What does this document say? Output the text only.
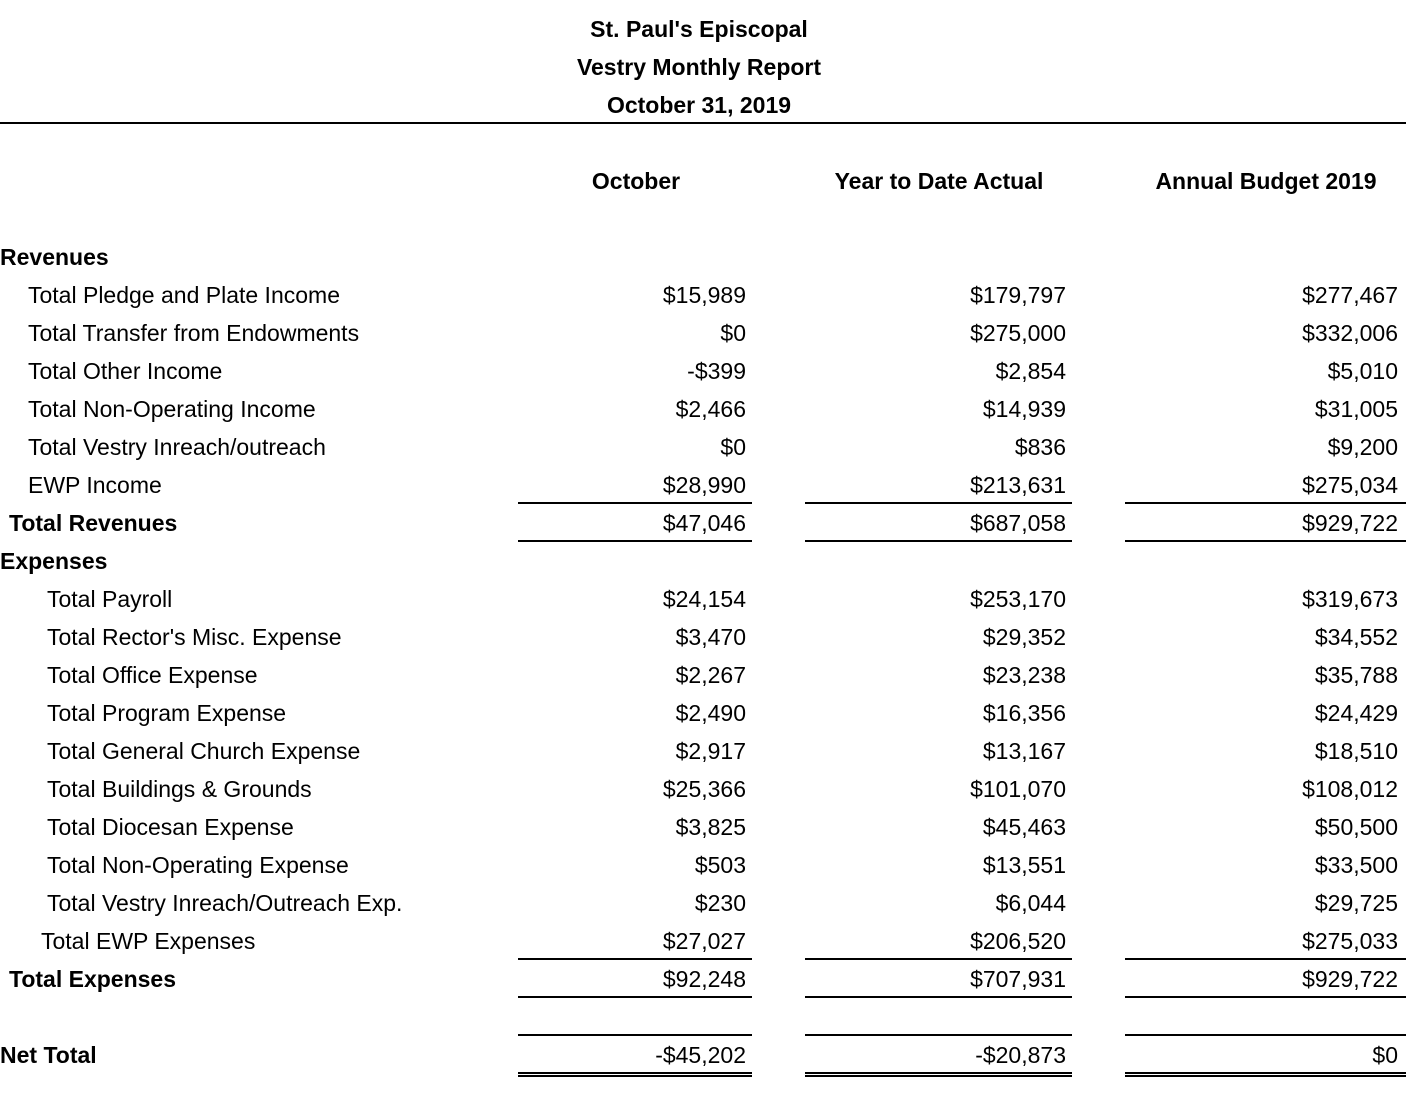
St. Paul's Episcopal
Vestry Monthly Report
October 31, 2019
October	Year to Date Actual	Annual Budget 2019
Revenues
Total Pledge and Plate Income	$15,989	$179,797	$277,467
Total Transfer from Endowments	$0	$275,000	$332,006
Total Other Income	-$399	$2,854	$5,010
Total Non-Operating Income	$2,466	$14,939	$31,005
Total Vestry Inreach/outreach	$0	$836	$9,200
EWP Income	$28,990	$213,631	$275,034
Total Revenues	$47,046	$687,058	$929,722
Expenses
Total Payroll	$24,154	$253,170	$319,673
Total Rector's Misc. Expense	$3,470	$29,352	$34,552
Total Office Expense	$2,267	$23,238	$35,788
Total Program Expense	$2,490	$16,356	$24,429
Total General Church Expense	$2,917	$13,167	$18,510
Total Buildings & Grounds	$25,366	$101,070	$108,012
Total Diocesan Expense	$3,825	$45,463	$50,500
Total Non-Operating Expense	$503	$13,551	$33,500
Total Vestry Inreach/Outreach Exp.	$230	$6,044	$29,725
Total EWP Expenses	$27,027	$206,520	$275,033
Total Expenses	$92,248	$707,931	$929,722
Net Total	-$45,202	-$20,873	$0
